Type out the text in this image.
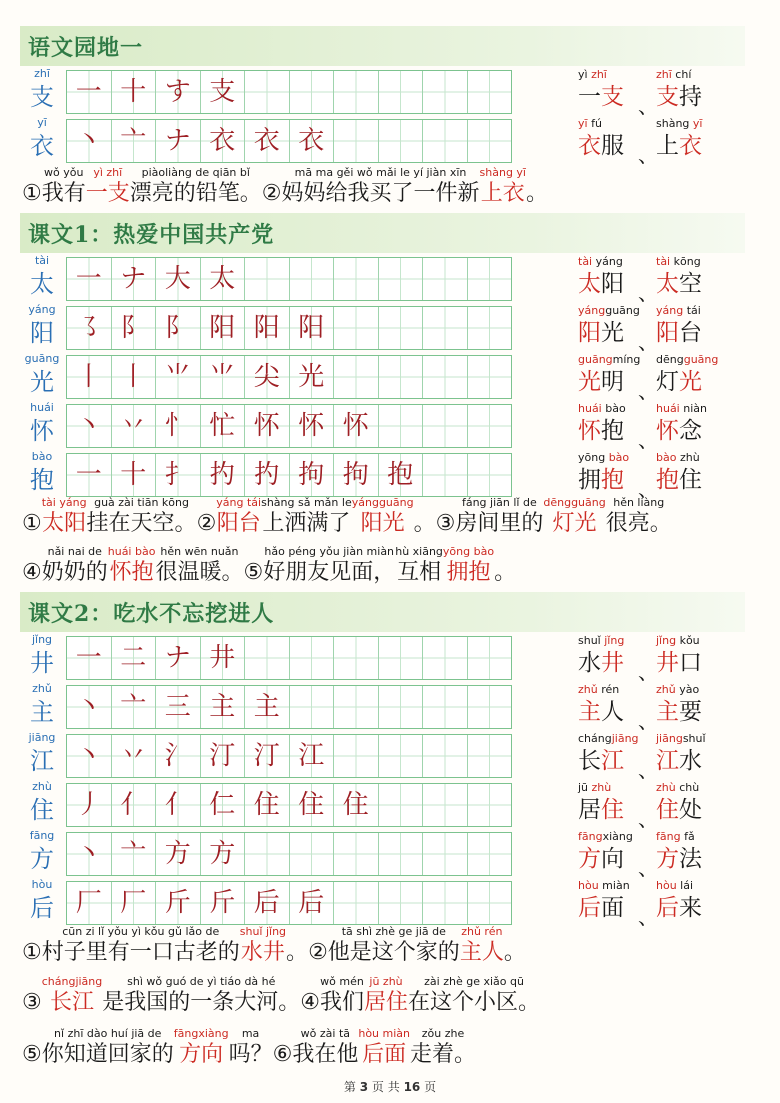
语文园地一
zhī
支 一 十 す 支
yì zhī
一支 、
zhī chí
支持
yī
衣 丶 亠 ナ 衣 衣 衣
yī fú
衣服 、
shàng yī
上衣
①
wǒ yǒu
我有
yì zhī
一支
piàoliàng de qiān bǐ
漂亮的铅笔。 ②
mā ma gěi wǒ mǎi le yí jiàn xīn
妈妈给我买了一件新
shàng yī
上衣 。
课文1：热爱中国共产党
tài
太 一 ナ 大 太
tài yáng
太阳 、
tài kōng
太空
yáng
阳 ㇌ 阝 阝 阳 阳 阳
yángguāng
阳光 、
yáng tái
阳台
guāng
光 丨 丨 ⺌ ⺌ 尖 光
guāngmíng
光明 、
dēngguāng
灯光
huái
怀 丶 丷 忄 忙 怀 怀 怀
huái bào
怀抱 、
huái niàn
怀念
bào
抱 一 十 扌 扚 扚 拘 拘 抱
yōng bào
拥抱 、
bào zhù
抱住
①
tài yáng
太阳
guà zài tiān kōng
挂在天空。 ②
yáng tái
阳台
shàng sǎ mǎn le
上洒满了
yángguāng
阳光 。 ③
fáng jiān lǐ de
房间里的
dēngguāng
灯光
hěn liàng
很亮。
④
nǎi nai de
奶奶的
huái bào
怀抱
hěn wēn nuǎn
很温暖。 ⑤
hǎo péng yǒu jiàn miàn
好朋友见面，
hù xiāng
互相
yōng bào
拥抱 。
课文2：吃水不忘挖进人
jǐng
井 一 二 ナ 井
shuǐ jǐng
水井 、
jǐng kǒu
井口
zhǔ
主 丶 亠 三 主 主
zhǔ rén
主人 、
zhǔ yào
主要
jiāng
江 丶 丷 氵 汀 汀 江
chángjiāng
长江 、
jiāngshuǐ
江水
zhù
住 丿 亻 亻 仁 住 住 住
jū zhù
居住 、
zhù chù
住处
fāng
方 丶 亠 方 方
fāngxiàng
方向 、
fāng fǎ
方法
hòu
后 厂 厂 斤 斤 后 后
hòu miàn
后面 、
hòu lái
后来
①
cūn zi lǐ yǒu yì kǒu gǔ lǎo de
村子里有一口古老的
shuǐ jǐng
水井 。 ②
tā shì zhè ge jiā de
他是这个家的
zhǔ rén
主人 。
③
chángjiāng
长江
shì wǒ guó de yì tiáo dà hé
是我国的一条大河。 ④
wǒ mén
我们
jū zhù
居住
zài zhè ge xiǎo qū
在这个小区。
⑤
nǐ zhī dào huí jiā de
你知道回家的
fāngxiàng
方向
ma
吗？ ⑥
wǒ zài tā
我在他
hòu miàn
后面
zǒu zhe
走着。
第 3 页 共 16 页
